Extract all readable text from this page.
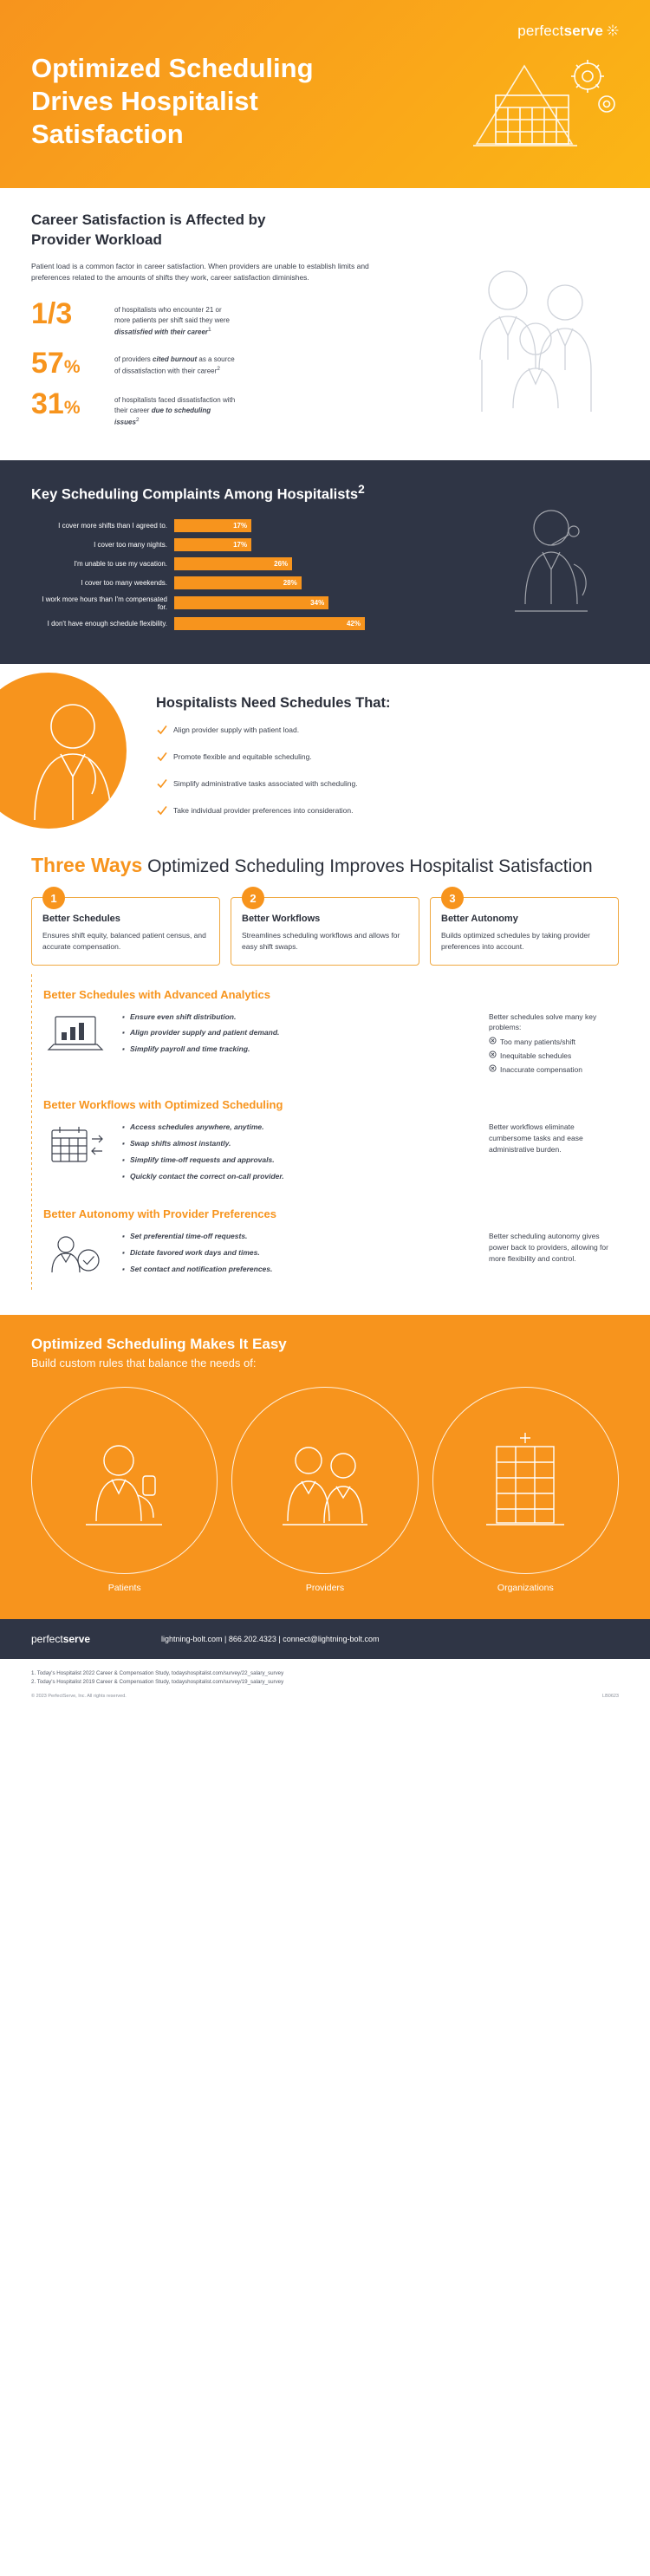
perfectserve
Optimized Scheduling Drives Hospitalist Satisfaction
Career Satisfaction is Affected by Provider Workload

Patient load is a common factor in career satisfaction. When providers are unable to establish limits and preferences related to the amounts of shifts they work, career satisfaction diminishes.

1/3	of hospitalists who encounter 21 or more patients per shift said they were dissatisfied with their career$^1$
57%	of providers cited burnout as a source of dissatisfaction with their career$^2$
31%	of hospitalists faced dissatisfaction with their career due to scheduling issues$^2$
Key Scheduling Complaints Among Hospitalists$^2$
I cover more shifts than I agreed to.	17%
I cover too many nights.	17%
I'm unable to use my vacation.	26%
I cover too many weekends.	28%
I work more hours than I'm compensated for.	34%
I don't have enough schedule flexibility.	42%
Hospitalists Need Schedules That:
Align provider supply with patient load.
Promote flexible and equitable scheduling.
Simplify administrative tasks associated with scheduling.
Take individual provider preferences into consideration.
Three Ways Optimized Scheduling Improves Hospitalist Satisfaction
1
Better Schedules

Ensures shift equity, balanced patient census, and accurate compensation.

2
Better Workflows

Streamlines scheduling workflows and allows for easy shift swaps.

3
Better Autonomy

Builds optimized schedules by taking provider preferences into account.

Better Schedules with Advanced Analytics
· Ensure even shift distribution.
· Align provider supply and patient demand.
· Simplify payroll and time tracking.
Better schedules solve many key problems:
Too many patients/shift
Inequitable schedules
Inaccurate compensation
Better Workflows with Optimized Scheduling
· Access schedules anywhere, anytime.
· Swap shifts almost instantly.
· Simplify time-off requests and approvals.
· Quickly contact the correct on-call provider.
Better workflows eliminate cumbersome tasks and ease administrative burden.
Better Autonomy with Provider Preferences
· Set preferential time-off requests.
· Dictate favored work days and times.
· Set contact and notification preferences.
Better scheduling autonomy gives power back to providers, allowing for more flexibility and control.
Optimized Scheduling Makes It Easy
Build custom rules that balance the needs of:
Patients	Providers	Organizations
perfectserve	lightning-bolt.com | 866.202.4323 | connect@lightning-bolt.com
1. Today's Hospitalist 2022 Career & Compensation Study, todayshospitalist.com/survey/22_salary_survey
2. Today's Hospitalist 2019 Career & Compensation Study, todayshospitalist.com/survey/19_salary_survey
© 2023 PerfectServe, Inc. All rights reserved.	LB0623
